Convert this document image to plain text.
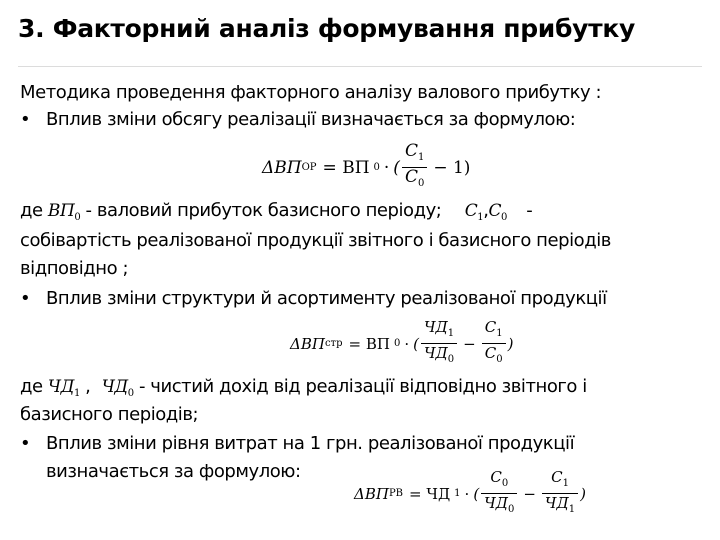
3. Факторний аналіз формування прибутку
Методика проведення факторного аналізу валового прибутку :
• Вплив зміни обсягу реалізації визначається за формулою:
ΔВП ОР = ВП 0 · ( $\frac{C_1}{C_0} - 1$)
де $ВП_0$ - валовий прибуток базисного періоду; $C_1,C_0$ -
собівартість реалізованої продукції звітного і базисного періодів
відповідно ;
• Вплив зміни структури й асортименту реалізованої продукції
ΔВП стр = ВП 0 · ( $\frac{ЧД_1}{ЧД_0} - \frac{C_1}{C_0}$ )
де $ЧД_1$ , $ЧД_0$ - чистий дохід від реалізації відповідно звітного і
базисного періодів;
• Вплив зміни рівня витрат на 1 грн. реалізованої продукції
визначається за формулою:
ΔВП РВ = ЧД 1 · ( $\frac{C_0}{ЧД_0} - \frac{C_1}{ЧД_1}$ )
